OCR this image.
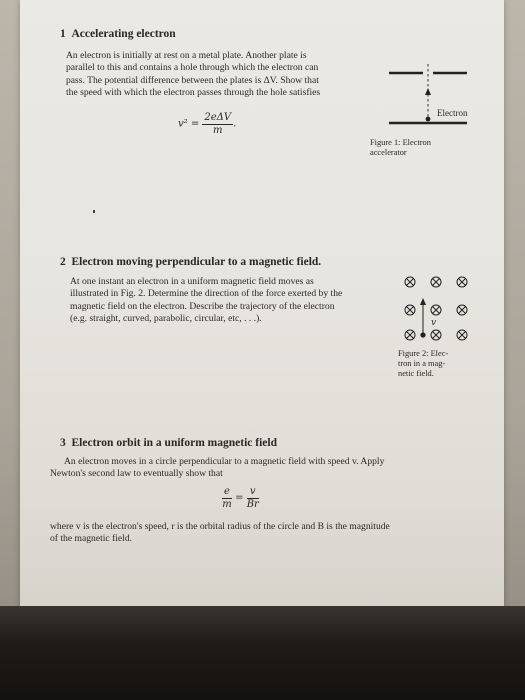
1 Accelerating electron
An electron is initially at rest on a metal plate. Another plate is
parallel to this and contains a hole through which the electron can
pass. The potential difference between the plates is ΔV. Show that
the speed with which the electron passes through the hole satisfies
$v^2 = \frac{\text{2eΔV}}{m}$ .
Electron
Figure 1: Electron
accelerator
2 Electron moving perpendicular to a magnetic field.
At one instant an electron in a uniform magnetic field moves as
illustrated in Fig. 2. Determine the direction of the force exerted by the
magnetic field on the electron. Describe the trajectory of the electron
(e.g. straight, curved, parabolic, circular, etc, . . .).	v
Figure 2: Elec-
tron in a mag-
netic field.
3 Electron orbit in a uniform magnetic field
An electron moves in a circle perpendicular to a magnetic field with speed v. Apply
Newton's second law to eventually show that
$\frac{e}{m} = \frac{v}{Br}$
where v is the electron's speed, r is the orbital radius of the circle and B is the magnitude
of the magnetic field.
